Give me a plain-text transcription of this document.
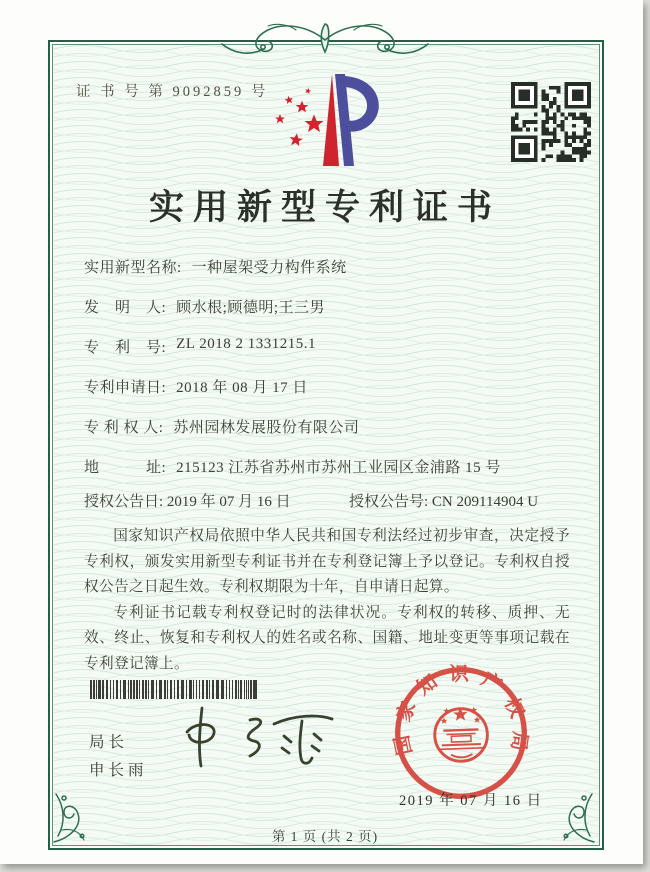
证 书 号 第 9092859 号
实用新型专利证书
实用新型名称: 一种屋架受力构件系统
发　明　人: 顾水根;顾德明;王三男
专　利　号: ZL 2018 2 1331215.1
专利申请日: 2018 年 08 月 17 日
专 利 权 人: 苏州园林发展股份有限公司
地　　　址: 215123 江苏省苏州市苏州工业园区金浦路 15 号
授权公告日: 2019 年 07 月 16 日	授权公告号: CN 209114904 U

国家知识产权局依照中华人民共和国专利法经过初步审查，决定授予专利权，颁发实用新型专利证书并在专利登记簿上予以登记。专利权自授权公告之日起生效。专利权期限为十年，自申请日起算。

专利证书记载专利权登记时的法律状况。专利权的转移、质押、无效、终止、恢复和专利权人的姓名或名称、国籍、地址变更等事项记载在专利登记簿上。

局长
申长雨
国家知识产权局
2019 年 07 月 16 日
第 1 页 (共 2 页)
